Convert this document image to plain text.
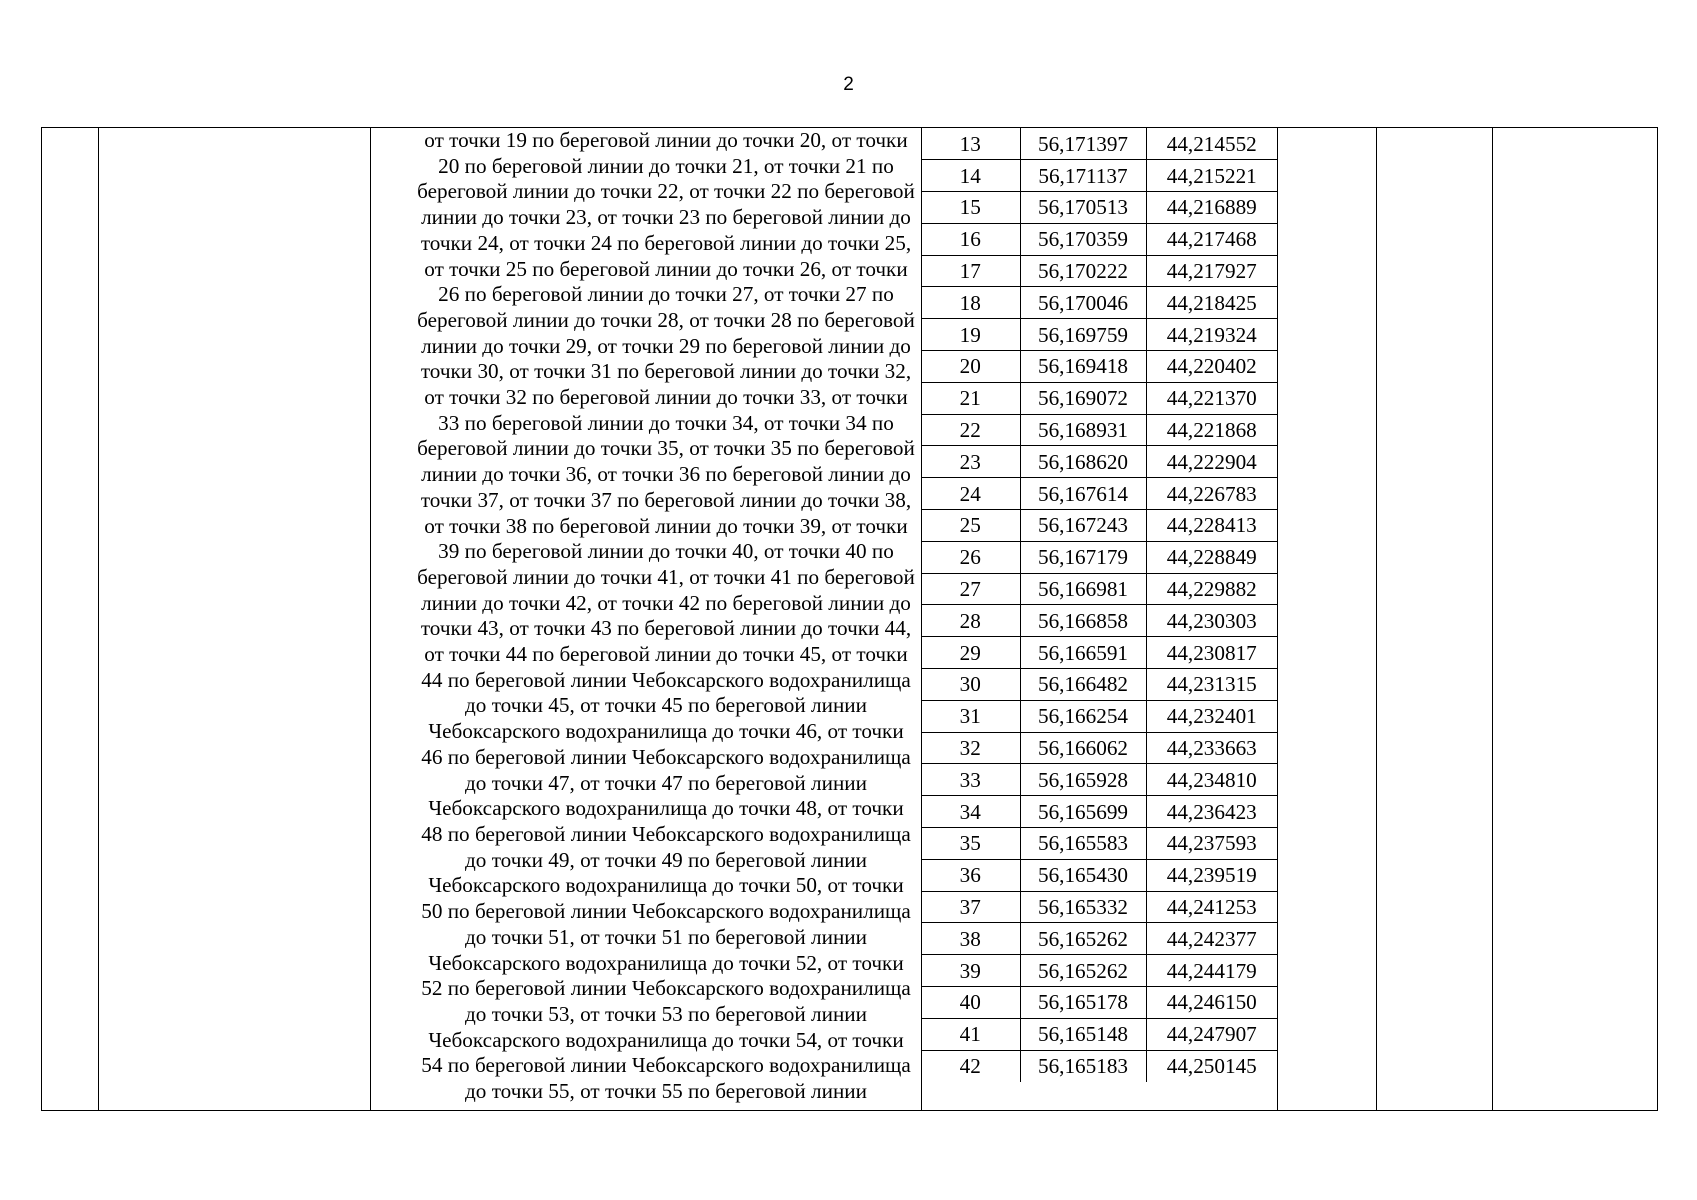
2
от точки 19 по береговой линии до точки 20, от точки
20 по береговой линии до точки 21, от точки 21 по
береговой линии до точки 22, от точки 22 по береговой
линии до точки 23, от точки 23 по береговой линии до
точки 24, от точки 24 по береговой линии до точки 25,
от точки 25 по береговой линии до точки 26, от точки
26 по береговой линии до точки 27, от точки 27 по
береговой линии до точки 28, от точки 28 по береговой
линии до точки 29, от точки 29 по береговой линии до
точки 30, от точки 31 по береговой линии до точки 32,
от точки 32 по береговой линии до точки 33, от точки
33 по береговой линии до точки 34, от точки 34 по
береговой линии до точки 35, от точки 35 по береговой
линии до точки 36, от точки 36 по береговой линии до
точки 37, от точки 37 по береговой линии до точки 38,
от точки 38 по береговой линии до точки 39, от точки
39 по береговой линии до точки 40, от точки 40 по
береговой линии до точки 41, от точки 41 по береговой
линии до точки 42, от точки 42 по береговой линии до
точки 43, от точки 43 по береговой линии до точки 44,
от точки 44 по береговой линии до точки 45, от точки
44 по береговой линии Чебоксарского водохранилища
до точки 45, от точки 45 по береговой линии
Чебоксарского водохранилища до точки 46, от точки
46 по береговой линии Чебоксарского водохранилища
до точки 47, от точки 47 по береговой линии
Чебоксарского водохранилища до точки 48, от точки
48 по береговой линии Чебоксарского водохранилища
до точки 49, от точки 49 по береговой линии
Чебоксарского водохранилища до точки 50, от точки
50 по береговой линии Чебоксарского водохранилища
до точки 51, от точки 51 по береговой линии
Чебоксарского водохранилища до точки 52, от точки
52 по береговой линии Чебоксарского водохранилища
до точки 53, от точки 53 по береговой линии
Чебоксарского водохранилища до точки 54, от точки
54 по береговой линии Чебоксарского водохранилища
до точки 55, от точки 55 по береговой линии
13	56,171397	44,214552
14	56,171137	44,215221
15	56,170513	44,216889
16	56,170359	44,217468
17	56,170222	44,217927
18	56,170046	44,218425
19	56,169759	44,219324
20	56,169418	44,220402
21	56,169072	44,221370
22	56,168931	44,221868
23	56,168620	44,222904
24	56,167614	44,226783
25	56,167243	44,228413
26	56,167179	44,228849
27	56,166981	44,229882
28	56,166858	44,230303
29	56,166591	44,230817
30	56,166482	44,231315
31	56,166254	44,232401
32	56,166062	44,233663
33	56,165928	44,234810
34	56,165699	44,236423
35	56,165583	44,237593
36	56,165430	44,239519
37	56,165332	44,241253
38	56,165262	44,242377
39	56,165262	44,244179
40	56,165178	44,246150
41	56,165148	44,247907
42	56,165183	44,250145
